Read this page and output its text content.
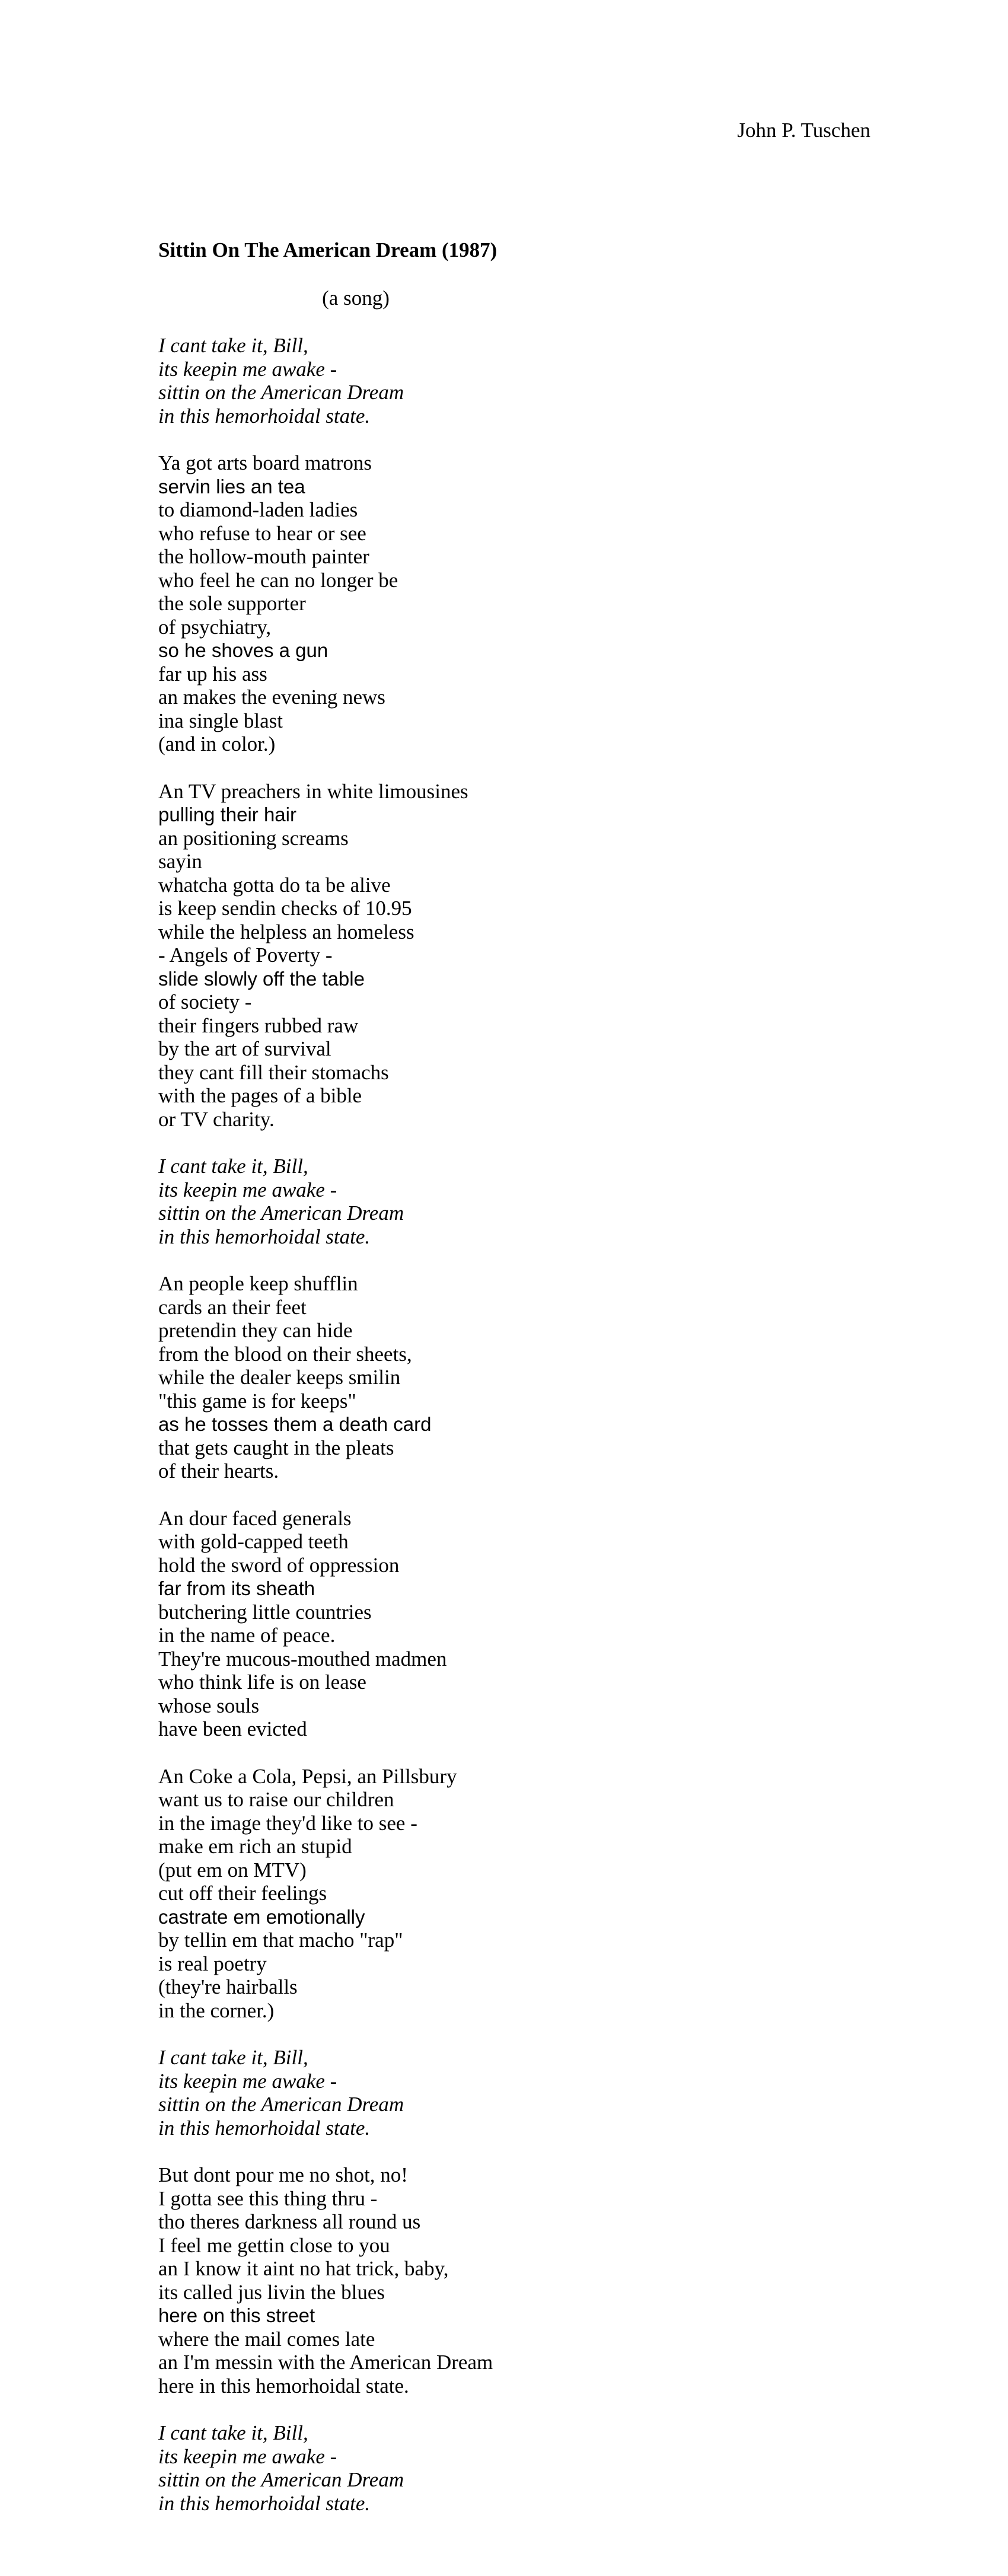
John P. Tuschen
Sittin On The American Dream (1987)
(a song)
I cant take it, Bill,
its keepin me awake -
sittin on the American Dream
in this hemorhoidal state.
Ya got arts board matrons
servin lies an tea
to diamond-laden ladies
who refuse to hear or see
the hollow-mouth painter
who feel he can no longer be
the sole supporter
of psychiatry,
so he shoves a gun
far up his ass
an makes the evening news
ina single blast
(and in color.)
An TV preachers in white limousines
pulling their hair
an positioning screams
sayin
whatcha gotta do ta be alive
is keep sendin checks of 10.95
while the helpless an homeless
- Angels of Poverty -
slide slowly off the table
of society -
their fingers rubbed raw
by the art of survival
they cant fill their stomachs
with the pages of a bible
or TV charity.
I cant take it, Bill,
its keepin me awake -
sittin on the American Dream
in this hemorhoidal state.
An people keep shufflin
cards an their feet
pretendin they can hide
from the blood on their sheets,
while the dealer keeps smilin
"this game is for keeps"
as he tosses them a death card
that gets caught in the pleats
of their hearts.
An dour faced generals
with gold-capped teeth
hold the sword of oppression
far from its sheath
butchering little countries
in the name of peace.
They're mucous-mouthed madmen
who think life is on lease
whose souls
have been evicted
An Coke a Cola, Pepsi, an Pillsbury
want us to raise our children
in the image they'd like to see -
make em rich an stupid
(put em on MTV)
cut off their feelings
castrate em emotionally
by tellin em that macho "rap"
is real poetry
(they're hairballs
in the corner.)
I cant take it, Bill,
its keepin me awake -
sittin on the American Dream
in this hemorhoidal state.
But dont pour me no shot, no!
I gotta see this thing thru -
tho theres darkness all round us
I feel me gettin close to you
an I know it aint no hat trick, baby,
its called jus livin the blues
here on this street
where the mail comes late
an I'm messin with the American Dream
here in this hemorhoidal state.
I cant take it, Bill,
its keepin me awake -
sittin on the American Dream
in this hemorhoidal state.
